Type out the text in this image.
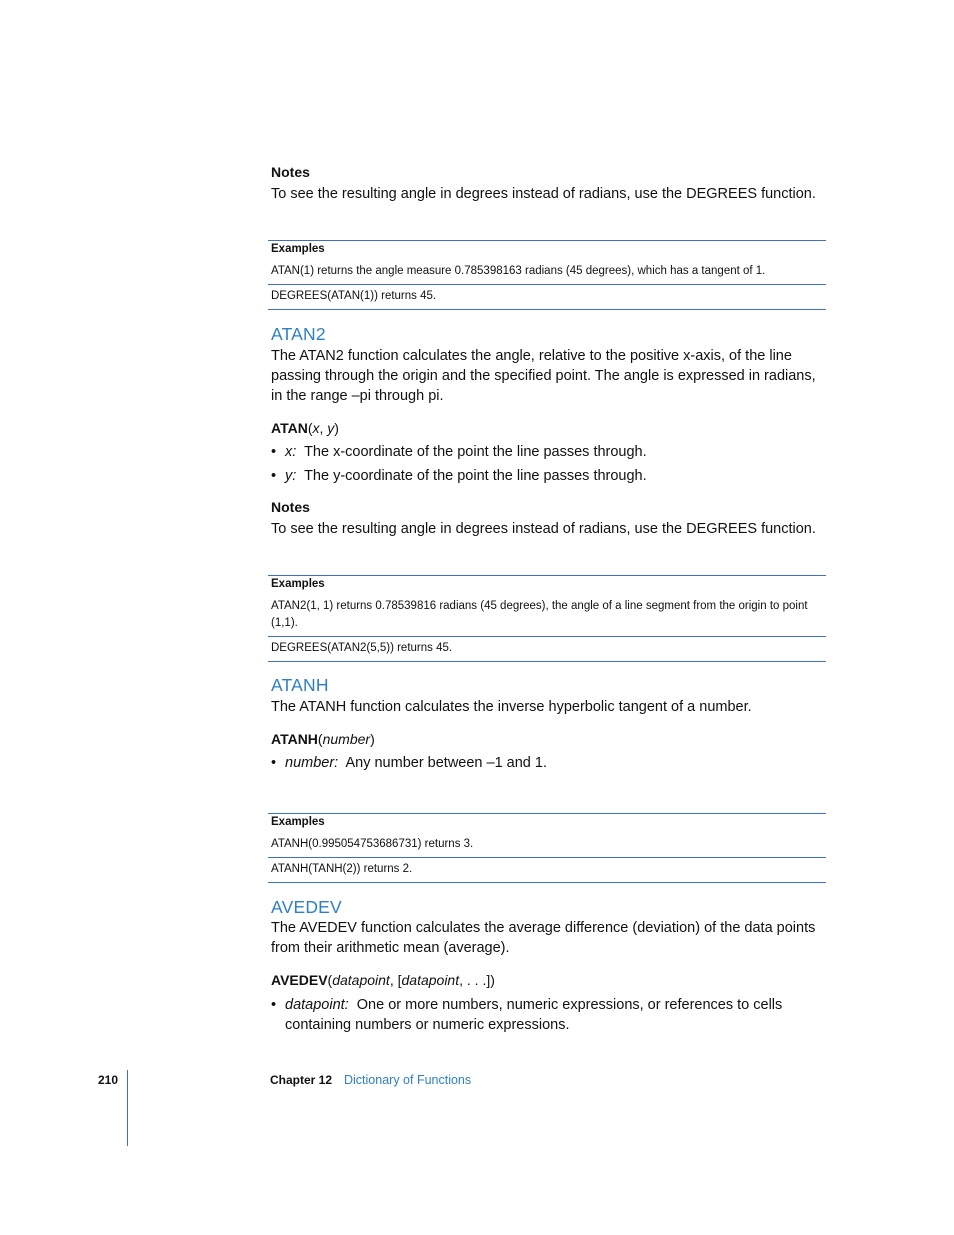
Notes
To see the resulting angle in degrees instead of radians, use the DEGREES function.
Examples
ATAN(1) returns the angle measure 0.785398163 radians (45 degrees), which has a tangent of 1.
DEGREES(ATAN(1)) returns 45.
ATAN2
The ATAN2 function calculates the angle, relative to the positive x-axis, of the line passing through the origin and the specified point. The angle is expressed in radians, in the range –pi through pi.
ATAN(x, y)
• x: The x-coordinate of the point the line passes through.
• y: The y-coordinate of the point the line passes through.
Notes
To see the resulting angle in degrees instead of radians, use the DEGREES function.
Examples
ATAN2(1, 1) returns 0.78539816 radians (45 degrees), the angle of a line segment from the origin to point (1,1).
DEGREES(ATAN2(5,5)) returns 45.
ATANH
The ATANH function calculates the inverse hyperbolic tangent of a number.
ATANH(number)
• number: Any number between –1 and 1.
Examples
ATANH(0.995054753686731) returns 3.
ATANH(TANH(2)) returns 2.
AVEDEV
The AVEDEV function calculates the average difference (deviation) of the data points from their arithmetic mean (average).
AVEDEV(datapoint, [datapoint, . . .])
• datapoint: One or more numbers, numeric expressions, or references to cells containing numbers or numeric expressions.
210	Chapter 12 Dictionary of Functions
